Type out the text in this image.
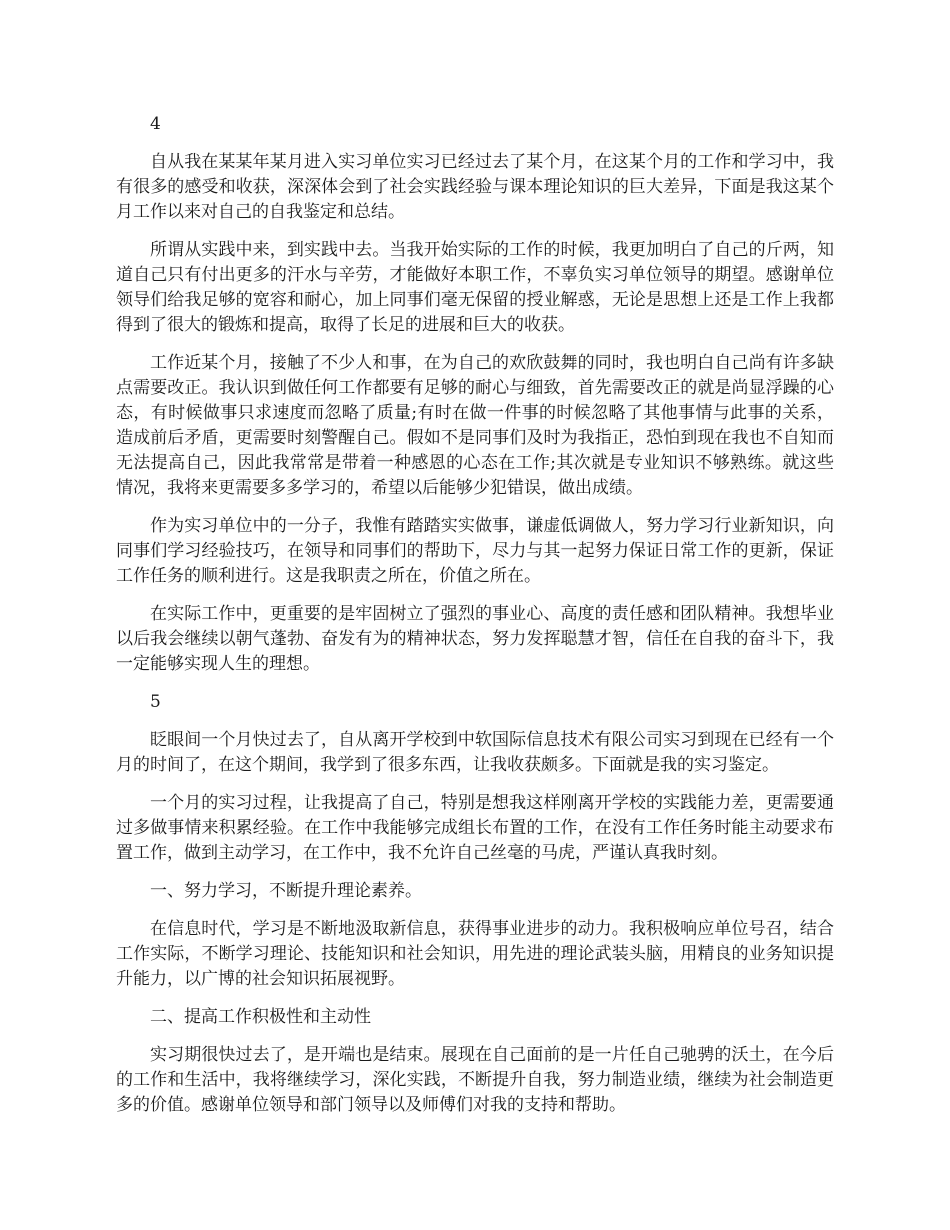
4

自从我在某某年某月进入实习单位实习已经过去了某个月，在这某个月的工作和学习中，我有很多的感受和收获，深深体会到了社会实践经验与课本理论知识的巨大差异，下面是我这某个月工作以来对自己的自我鉴定和总结。

所谓从实践中来，到实践中去。当我开始实际的工作的时候，我更加明白了自己的斤两，知道自己只有付出更多的汗水与辛劳，才能做好本职工作，不辜负实习单位领导的期望。感谢单位领导们给我足够的宽容和耐心，加上同事们毫无保留的授业解惑，无论是思想上还是工作上我都得到了很大的锻炼和提高，取得了长足的进展和巨大的收获。

工作近某个月，接触了不少人和事，在为自己的欢欣鼓舞的同时，我也明白自己尚有许多缺点需要改正。我认识到做任何工作都要有足够的耐心与细致，首先需要改正的就是尚显浮躁的心态，有时候做事只求速度而忽略了质量;有时在做一件事的时候忽略了其他事情与此事的关系，造成前后矛盾，更需要时刻警醒自己。假如不是同事们及时为我指正，恐怕到现在我也不自知而无法提高自己，因此我常常是带着一种感恩的心态在工作;其次就是专业知识不够熟练。就这些情况，我将来更需要多多学习的，希望以后能够少犯错误，做出成绩。

作为实习单位中的一分子，我惟有踏踏实实做事，谦虚低调做人，努力学习行业新知识，向同事们学习经验技巧，在领导和同事们的帮助下，尽力与其一起努力保证日常工作的更新，保证工作任务的顺利进行。这是我职责之所在，价值之所在。

在实际工作中，更重要的是牢固树立了强烈的事业心、高度的责任感和团队精神。我想毕业以后我会继续以朝气蓬勃、奋发有为的精神状态，努力发挥聪慧才智，信任在自我的奋斗下，我一定能够实现人生的理想。

5

眨眼间一个月快过去了，自从离开学校到中软国际信息技术有限公司实习到现在已经有一个月的时间了，在这个期间，我学到了很多东西，让我收获颇多。下面就是我的实习鉴定。

一个月的实习过程，让我提高了自己，特别是想我这样刚离开学校的实践能力差，更需要通过多做事情来积累经验。在工作中我能够完成组长布置的工作，在没有工作任务时能主动要求布置工作，做到主动学习，在工作中，我不允许自己丝毫的马虎，严谨认真我时刻。

一、努力学习，不断提升理论素养。

在信息时代，学习是不断地汲取新信息，获得事业进步的动力。我积极响应单位号召，结合工作实际，不断学习理论、技能知识和社会知识，用先进的理论武装头脑，用精良的业务知识提升能力，以广博的社会知识拓展视野。

二、提高工作积极性和主动性

实习期很快过去了，是开端也是结束。展现在自己面前的是一片任自己驰骋的沃土，在今后的工作和生活中，我将继续学习，深化实践，不断提升自我，努力制造业绩，继续为社会制造更多的价值。感谢单位领导和部门领导以及师傅们对我的支持和帮助。
